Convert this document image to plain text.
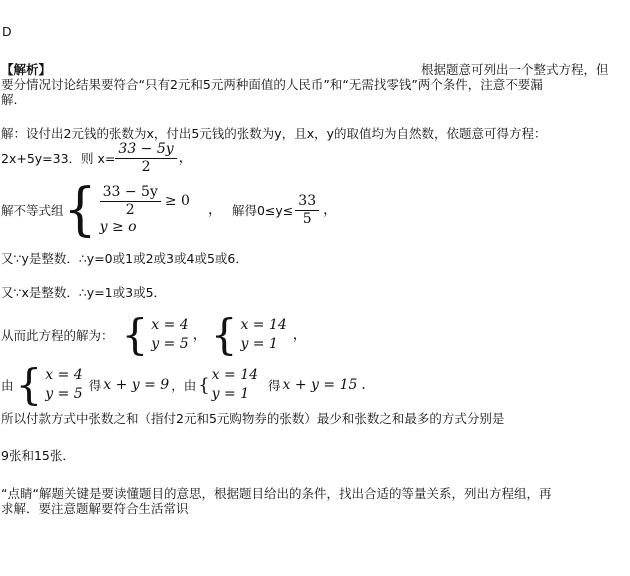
D
【解析】	根据题意可列出一个整式方程，但
要分情况讨论结果要符合“只有2元和5元两种面值的人民币”和“无需找零钱”两个条件，注意不要漏
解.
解：设付出2元钱的张数为x，付出5元钱的张数为y，且x，y的取值均为自然数，依题意可得方程：
2x+5y=33．则 $x= \frac{33 - 5y}{2}$ ，
解不等式组 { $\frac{33 - 5y}{2} \ge 0$
y ≥ o
， 解得$0\le y\le \frac{33}{5}$ ，
又∵y是整数．∴y=0或1或2或3或4或5或6．
又∵x是整数．∴y=1或3或5．
从而此方程的解为： { x = 4
y = 5
， { x = 14
y = 1
，
由 { x = 4
y = 5
得 x + y = 9 ，由 { x = 14
y = 1
得 x + y = 15 ．
所以付款方式中张数之和（指付2元和5元购物券的张数）最少和张数之和最多的方式分别是
9张和15张．
“点睛“解题关键是要读懂题目的意思，根据题目给出的条件，找出合适的等量关系，列出方程组，再
求解．要注意题解要符合生活常识
